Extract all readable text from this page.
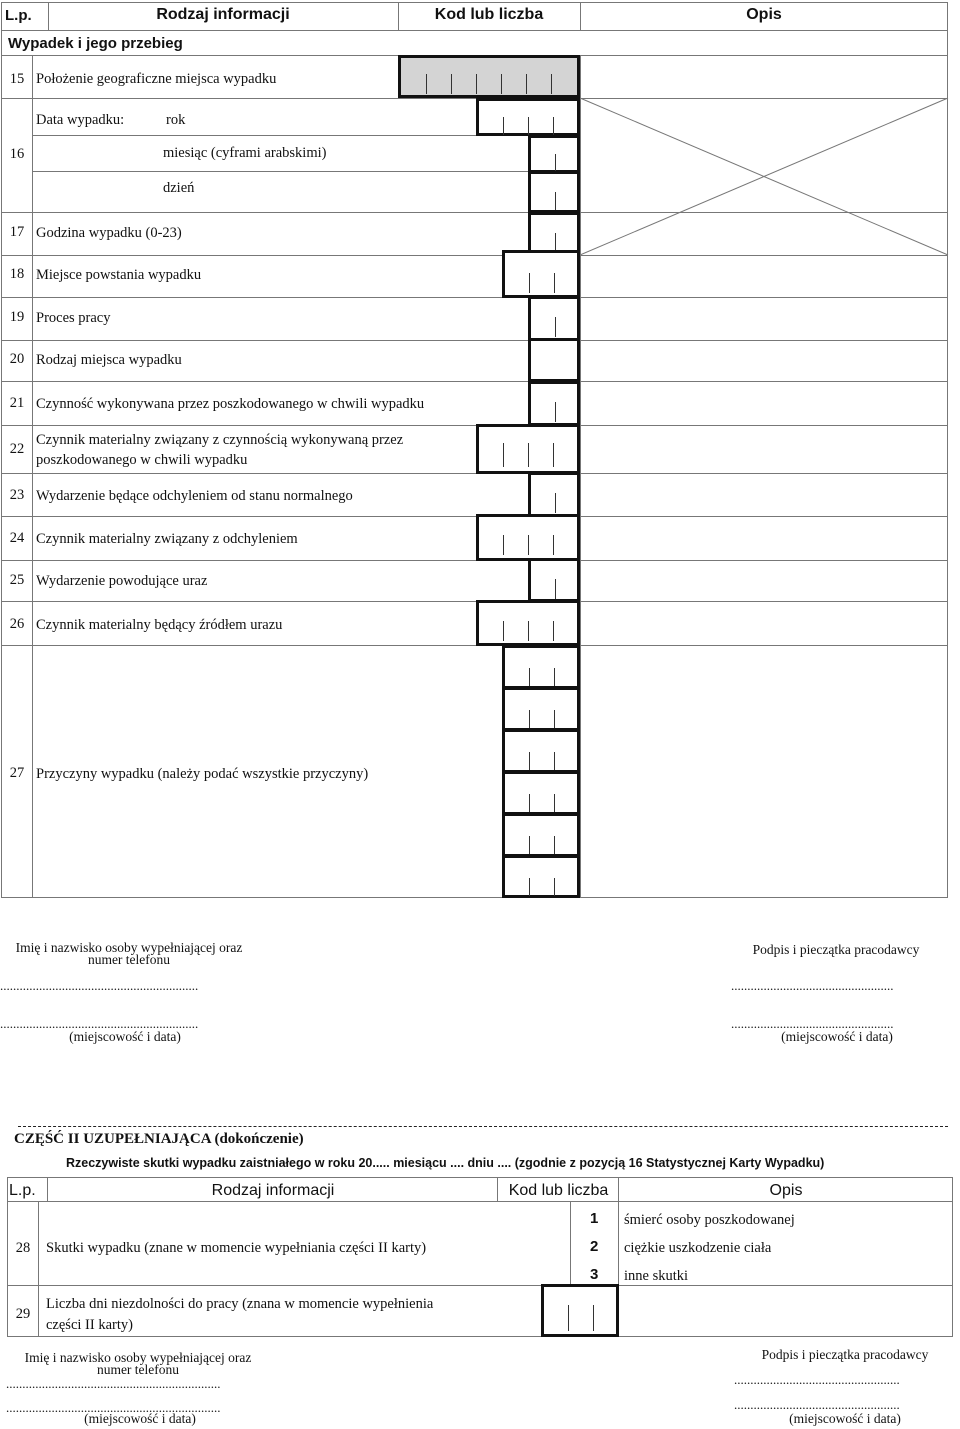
L.p.	Rodzaj informacji	Kod lub liczba	Opis
Wypadek i jego przebieg
15 Położenie geograficzne miejsca wypadku
16
Data wypadku:	rok
miesiąc (cyframi arabskimi)
dzień
17 Godzina wypadku (0-23)
18 Miejsce powstania wypadku
19 Proces pracy
20 Rodzaj miejsca wypadku
21 Czynność wykonywana przez poszkodowanego w chwili wypadku
22
Czynnik materialny związany z czynnością wykonywaną przez
poszkodowanego w chwili wypadku
23 Wydarzenie będące odchyleniem od stanu normalnego
24 Czynnik materialny związany z odchyleniem
25 Wydarzenie powodujące uraz
26 Czynnik materialny będący źródłem urazu
27 Przyczyny wypadku (należy podać wszystkie przyczyny)
Imię i nazwisko osoby wypełniającej oraz
numer telefonu
Podpis i pieczątka pracodawcy
.............................................................	..................................................
.............................................................	..................................................
(miejscowość i data)	(miejscowość i data)
CZĘŚĆ II UZUPEŁNIAJĄCA (dokończenie)
Rzeczywiste skutki wypadku zaistniałego w roku 20..... miesiącu .... dniu .... (zgodnie z pozycją 16 Statystycznej Karty Wypadku)
L.p.	Rodzaj informacji	Kod lub liczba	Opis
28	Skutki wypadku (znane w momencie wypełniania części II karty)
1 śmierć osoby poszkodowanej
2 ciężkie uszkodzenie ciała
3 inne skutki
29
Liczba dni niezdolności do pracy (znana w momencie wypełnienia
części II karty)
Imię i nazwisko osoby wypełniającej oraz
numer telefonu
Podpis i pieczątka pracodawcy
..................................................................	...................................................
..................................................................	...................................................
(miejscowość i data)	(miejscowość i data)
